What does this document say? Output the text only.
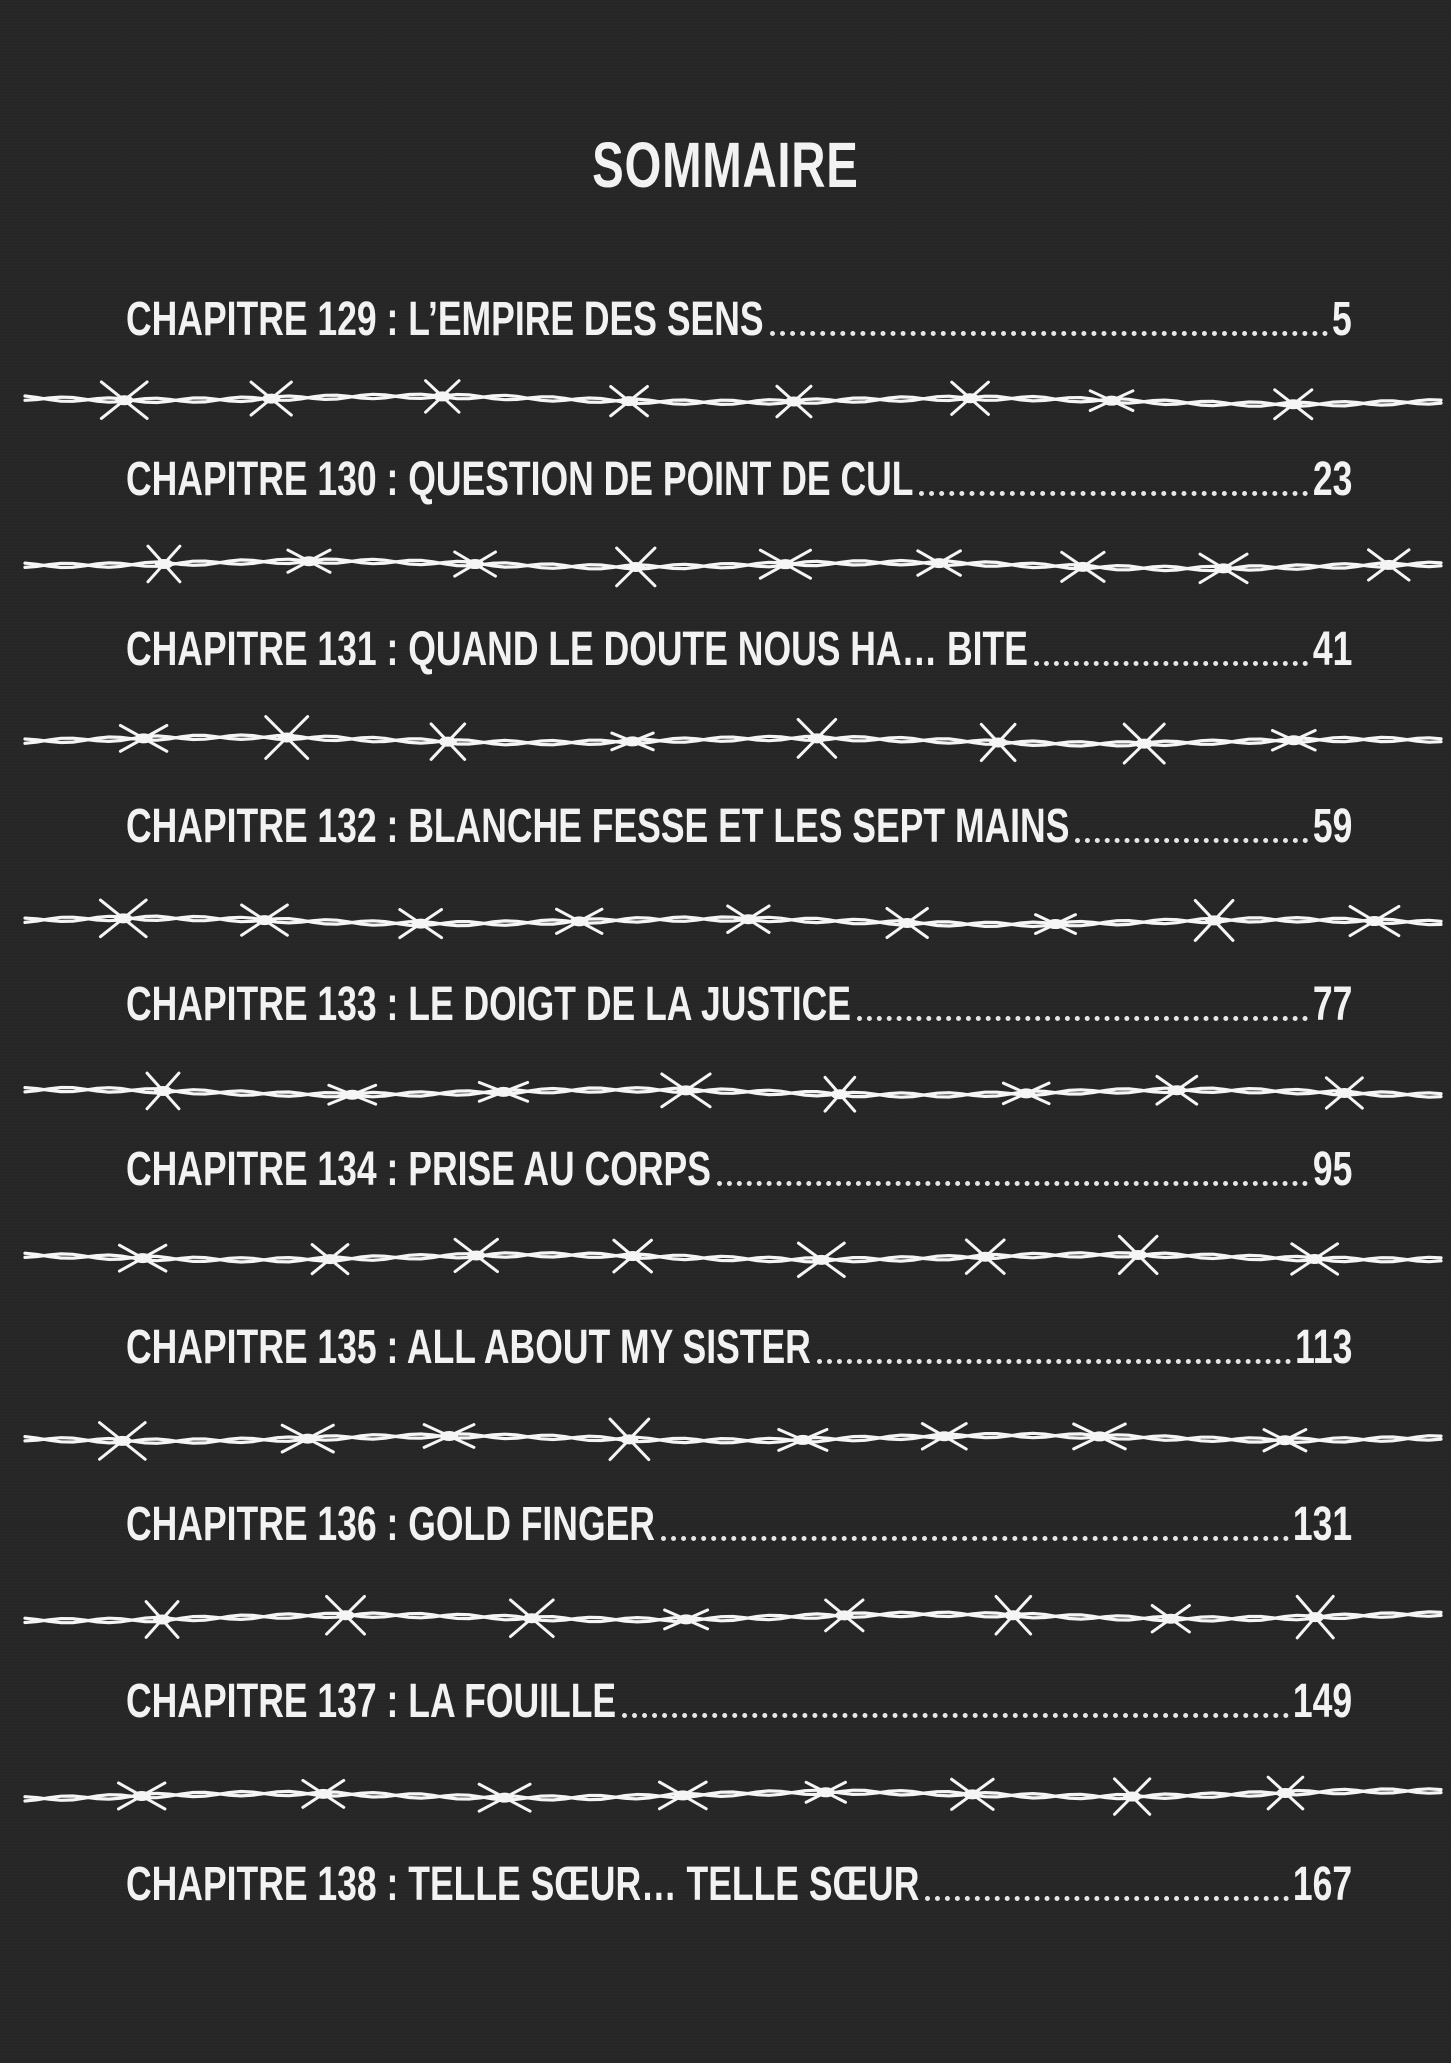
SOMMAIRE
CHAPITRE 129 : L’EMPIRE DES SENS	5
CHAPITRE 130 : QUESTION DE POINT DE CUL	23
CHAPITRE 131 : QUAND LE DOUTE NOUS HA… BITE	41
CHAPITRE 132 : BLANCHE FESSE ET LES SEPT MAINS	59
CHAPITRE 133 : LE DOIGT DE LA JUSTICE	77
CHAPITRE 134 : PRISE AU CORPS	95
CHAPITRE 135 : ALL ABOUT MY SISTER	113
CHAPITRE 136 : GOLD FINGER	131
CHAPITRE 137 : LA FOUILLE	149
CHAPITRE 138 : TELLE SŒUR… TELLE SŒUR	167
